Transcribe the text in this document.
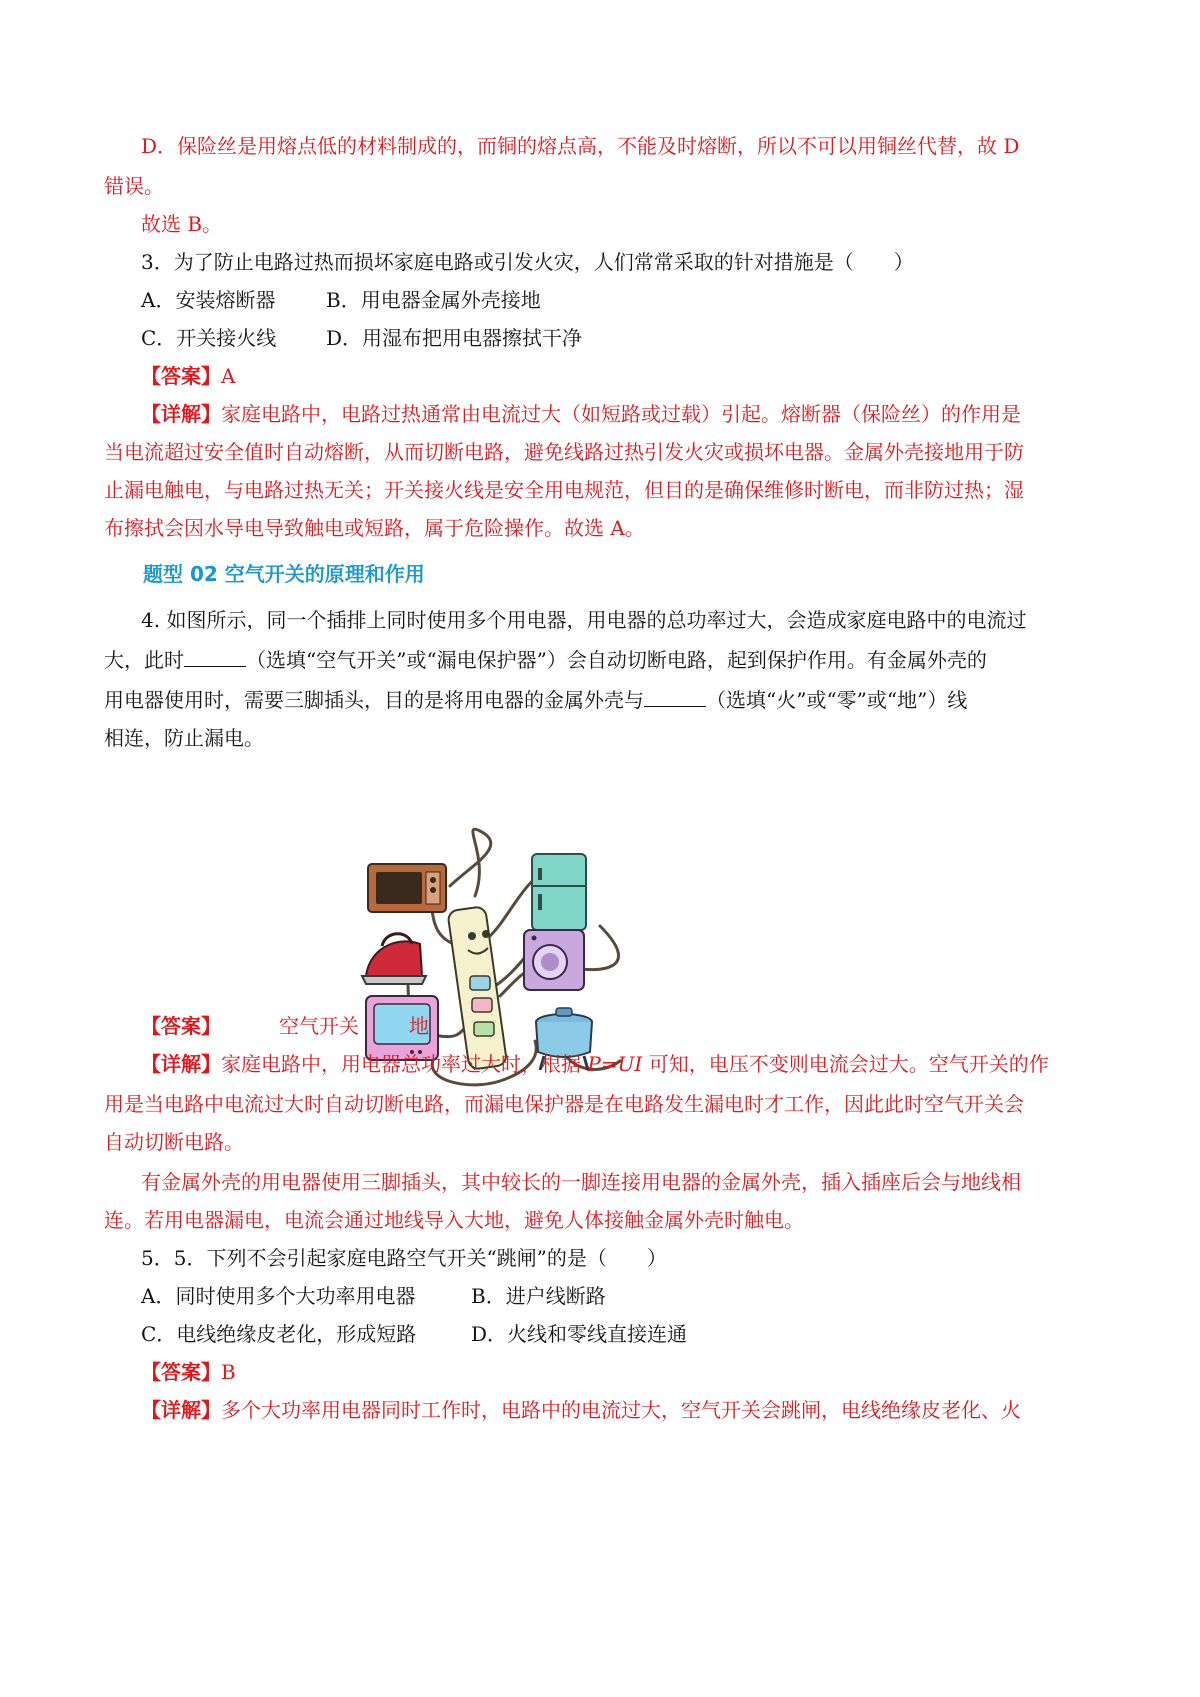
D．保险丝是用熔点低的材料制成的，而铜的熔点高，不能及时熔断，所以不可以用铜丝代替，故 D
错误。
故选 B。
3．为了防止电路过热而损坏家庭电路或引发火灾，人们常常采取的针对措施是（　　）
A．安装熔断器	B．用电器金属外壳接地
C．开关接火线 D．用湿布把用电器擦拭干净
【答案】A
【详解】家庭电路中，电路过热通常由电流过大（如短路或过载）引起。熔断器（保险丝）的作用是
当电流超过安全值时自动熔断，从而切断电路，避免线路过热引发火灾或损坏电器。金属外壳接地用于防
止漏电触电，与电路过热无关；开关接火线是安全用电规范，但目的是确保维修时断电，而非防过热；湿
布擦拭会因水导电导致触电或短路，属于危险操作。故选 A。
题型 02 空气开关的原理和作用
4. 如图所示，同一个插排上同时使用多个用电器，用电器的总功率过大，会造成家庭电路中的电流过
大，此时	（选填“空气开关”或“漏电保护器”）会自动切断电路，起到保护作用。有金属外壳的
用电器使用时，需要三脚插头，目的是将用电器的金属外壳与	（选填“火”或“零”或“地”）线
相连，防止漏电。
【答案】	空气开关	地
【详解】家庭电路中，用电器总功率过大时，根据 P=UI 可知，电压不变则电流会过大。空气开关的作
用是当电路中电流过大时自动切断电路，而漏电保护器是在电路发生漏电时才工作，因此此时空气开关会
自动切断电路。
有金属外壳的用电器使用三脚插头，其中较长的一脚连接用电器的金属外壳，插入插座后会与地线相
连。若用电器漏电，电流会通过地线导入大地，避免人体接触金属外壳时触电。
5．5．下列不会引起家庭电路空气开关“跳闸”的是（　　）
A．同时使用多个大功率用电器	B．进户线断路
C．电线绝缘皮老化，形成短路	D．火线和零线直接连通
【答案】B
【详解】多个大功率用电器同时工作时，电路中的电流过大，空气开关会跳闸，电线绝缘皮老化、火
